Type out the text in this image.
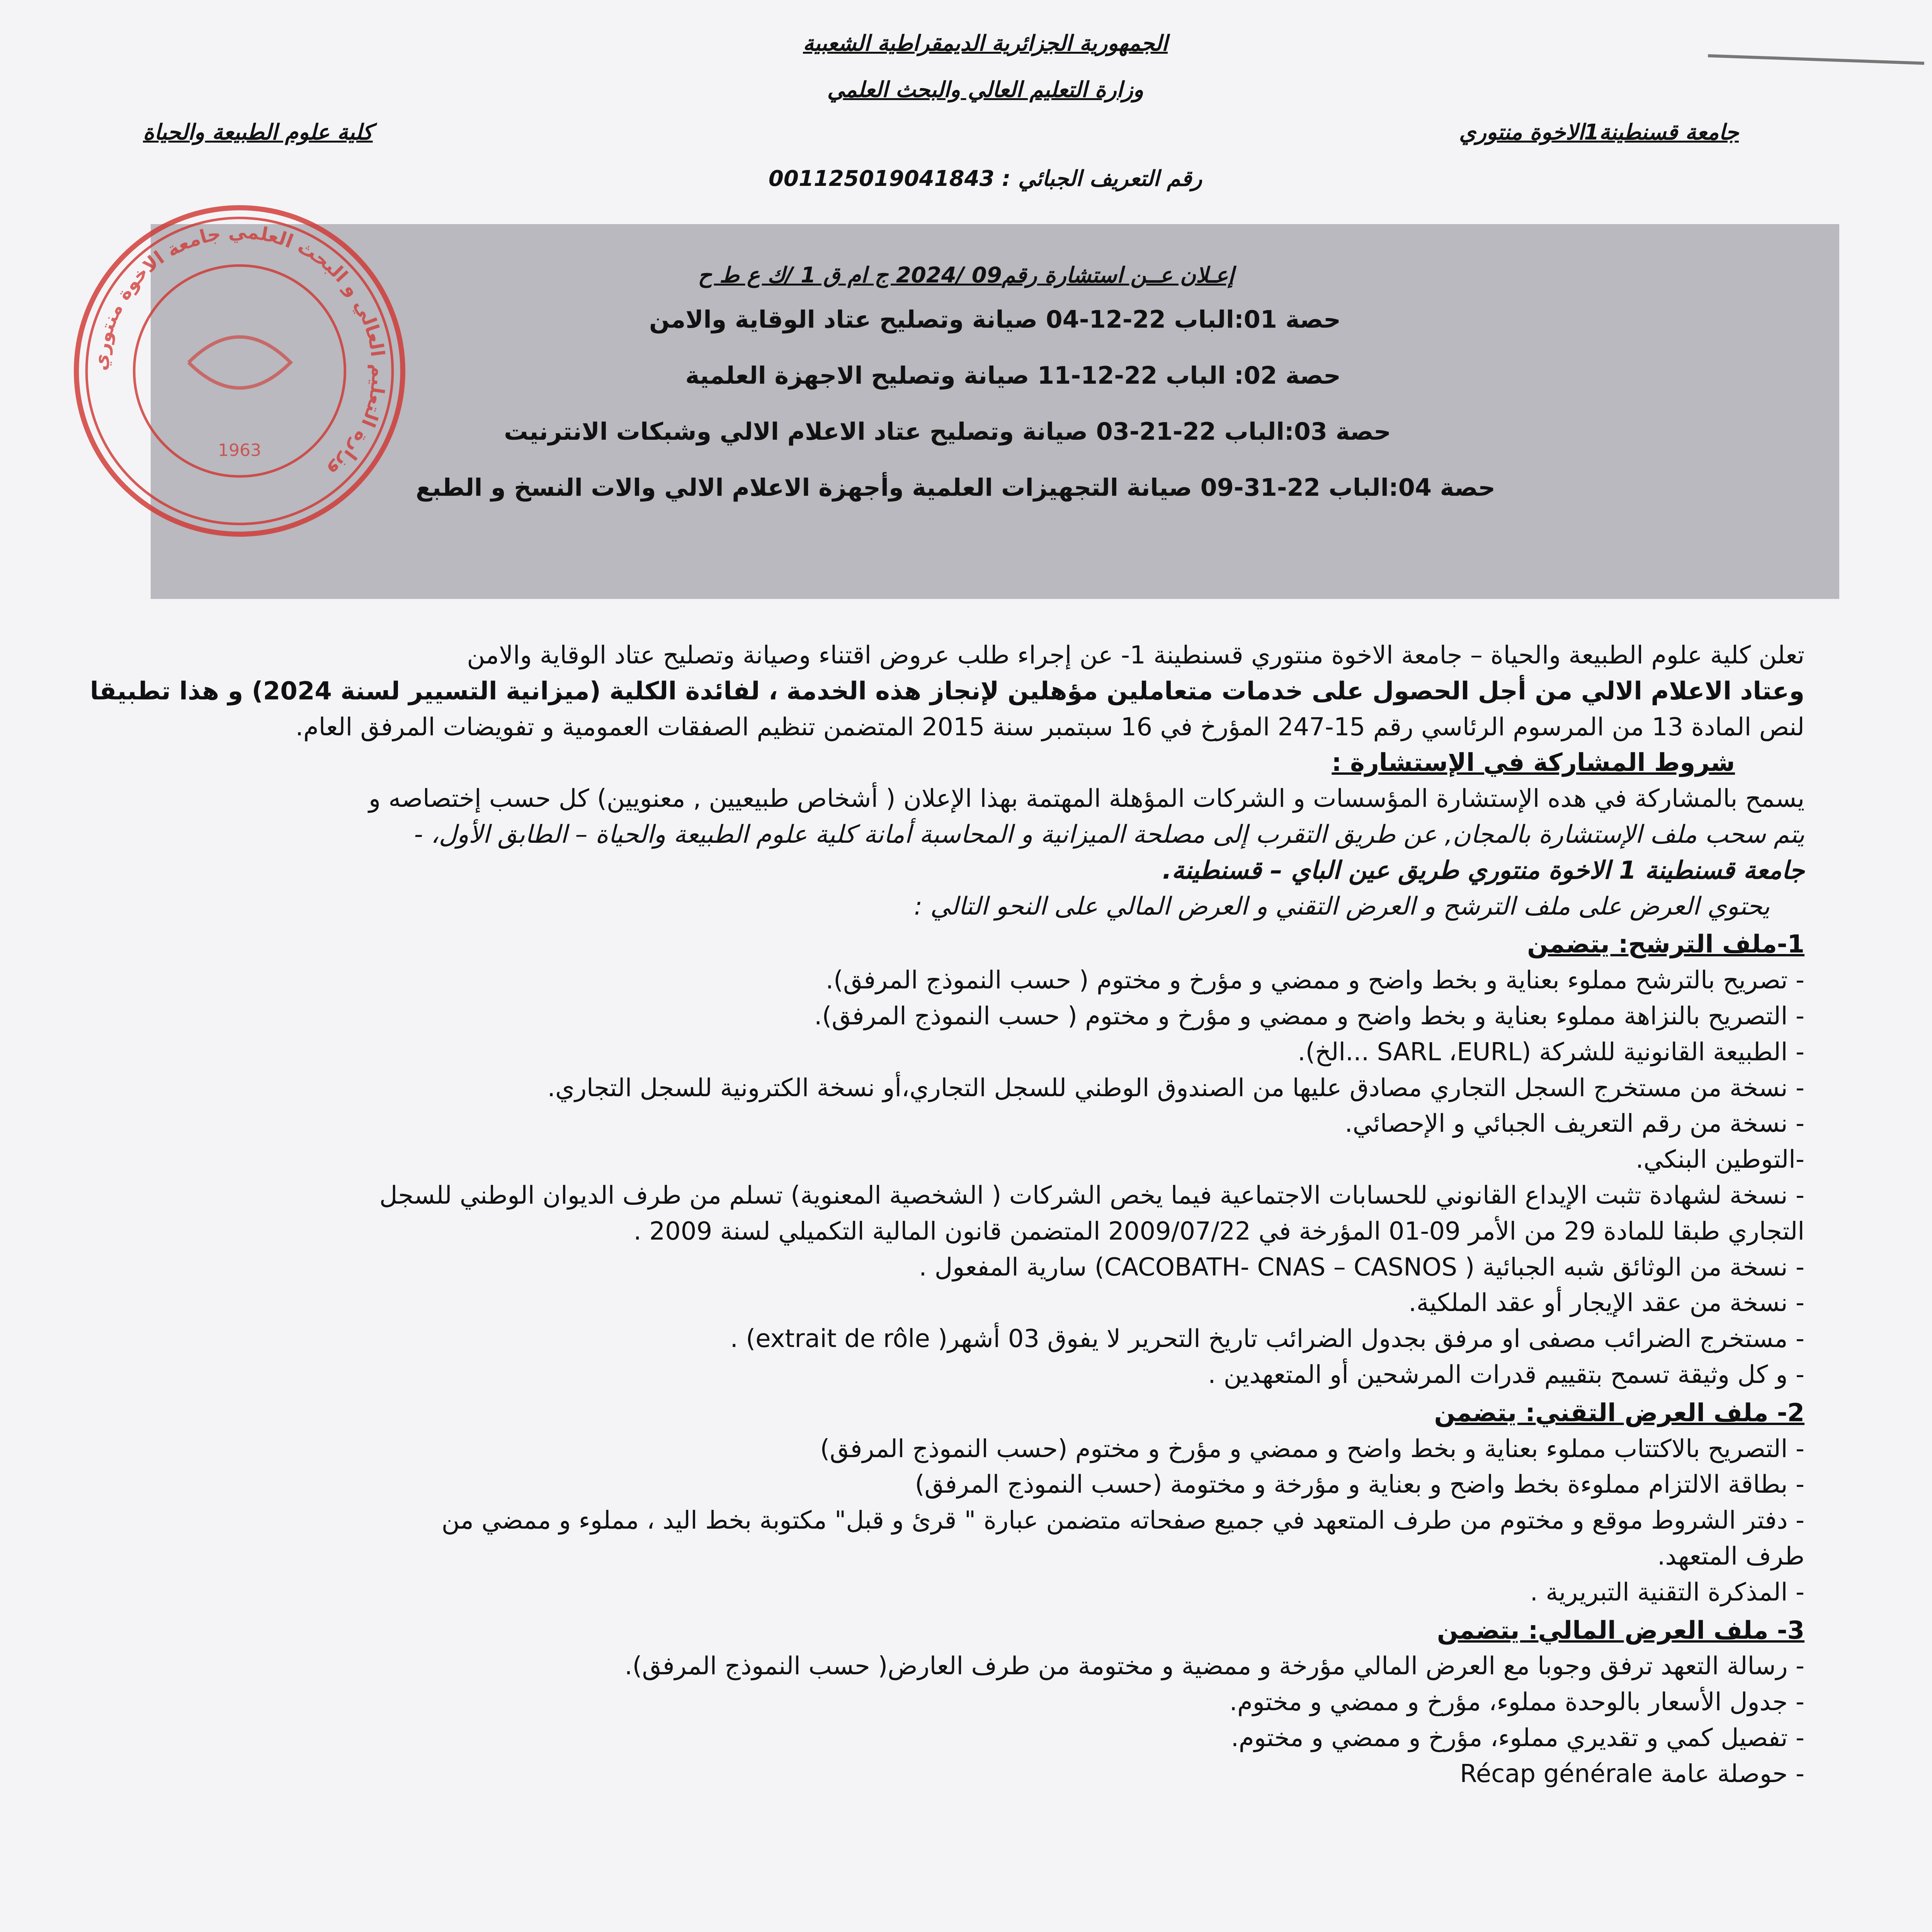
الجمهورية الجزائرية الديمقراطية الشعبية
وزارة التعليم العالي والبحث العلمي
جامعة قسنطينة1الاخوة منتوري
كلية علوم الطبيعة والحياة
رقم التعريف الجبائي : 001125019041843
وزارة التعليم العالي و البحث العلمي جامعة الاخوة منتوري
1963
إعـلان عــن استشارة رقم09 /2024 ج ام ق 1 /ك ع ط ح
حصة 01:الباب 22-12-04 صيانة وتصليح عتاد الوقاية والامن
حصة 02: الباب 22-12-11 صيانة وتصليح الاجهزة العلمية
حصة 03:الباب 22-21-03 صيانة وتصليح عتاد الاعلام الالي وشبكات الانترنيت
حصة 04:الباب 22-31-09 صيانة التجهيزات العلمية وأجهزة الاعلام الالي والات النسخ و الطبع

تعلن كلية علوم الطبيعة والحياة – جامعة الاخوة منتوري قسنطينة 1- عن إجراء طلب عروض اقتناء وصيانة وتصليح عتاد الوقاية والامن

وعتاد الاعلام الالي من أجل الحصول على خدمات متعاملين مؤهلين لإنجاز هذه الخدمة ، لفائدة الكلية (ميزانية التسيير لسنة 2024) و هذا تطبيقا

لنص المادة 13 من المرسوم الرئاسي رقم 15-247 المؤرخ في 16 سبتمبر سنة 2015 المتضمن تنظيم الصفقات العمومية و تفويضات المرفق العام.

شروط المشاركة في الإستشارة :

يسمح بالمشاركة في هده الإستشارة المؤسسات و الشركات المؤهلة المهتمة بهذا الإعلان ( أشخاص طبيعيين , معنويين) كل حسب إختصاصه و

يتم سحب ملف الإستشارة بالمجان, عن طريق التقرب إلى مصلحة الميزانية و المحاسبة أمانة كلية علوم الطبيعة والحياة – الطابق الأول، -

جامعة قسنطينة 1 الاخوة منتوري طريق عين الباي – قسنطينة.

يحتوي العرض على ملف الترشح و العرض التقني و العرض المالي على النحو التالي :

1-ملف الترشح: يتضمن

- تصريح بالترشح مملوء بعناية و بخط واضح و ممضي و مؤرخ و مختوم ( حسب النموذج المرفق).

- التصريح بالنزاهة مملوء بعناية و بخط واضح و ممضي و مؤرخ و مختوم ( حسب النموذج المرفق).

- الطبيعة القانونية للشركة (SARL ،EURL ...الخ).

- نسخة من مستخرج السجل التجاري مصادق عليها من الصندوق الوطني للسجل التجاري،أو نسخة الكترونية للسجل التجاري.

- نسخة من رقم التعريف الجبائي و الإحصائي.

-التوطين البنكي.

- نسخة لشهادة تثبت الإيداع القانوني للحسابات الاجتماعية فيما يخص الشركات ( الشخصية المعنوية) تسلم من طرف الديوان الوطني للسجل

التجاري طبقا للمادة 29 من الأمر 09-01 المؤرخة في 2009/07/22 المتضمن قانون المالية التكميلي لسنة 2009 .

- نسخة من الوثائق شبه الجبائية ( CACOBATH- CNAS – CASNOS) سارية المفعول .

- نسخة من عقد الإيجار أو عقد الملكية.

- مستخرج الضرائب مصفى او مرفق بجدول الضرائب تاريخ التحرير لا يفوق 03 أشهر( extrait de rôle) .

- و كل وثيقة تسمح بتقييم قدرات المرشحين أو المتعهدين .

2- ملف العرض التقني: يتضمن

- التصريح بالاكتتاب مملوء بعناية و بخط واضح و ممضي و مؤرخ و مختوم (حسب النموذج المرفق)

- بطاقة الالتزام مملوءة بخط واضح و بعناية و مؤرخة و مختومة (حسب النموذج المرفق)

- دفتر الشروط موقع و مختوم من طرف المتعهد في جميع صفحاته متضمن عبارة " قرئ و قبل" مكتوبة بخط اليد ، مملوء و ممضي من

طرف المتعهد.

- المذكرة التقنية التبريرية .

3- ملف العرض المالي: يتضمن

- رسالة التعهد ترفق وجوبا مع العرض المالي مؤرخة و ممضية و مختومة من طرف العارض( حسب النموذج المرفق).

- جدول الأسعار بالوحدة مملوء، مؤرخ و ممضي و مختوم.

- تفصيل كمي و تقديري مملوء، مؤرخ و ممضي و مختوم.

- حوصلة عامة Récap générale
